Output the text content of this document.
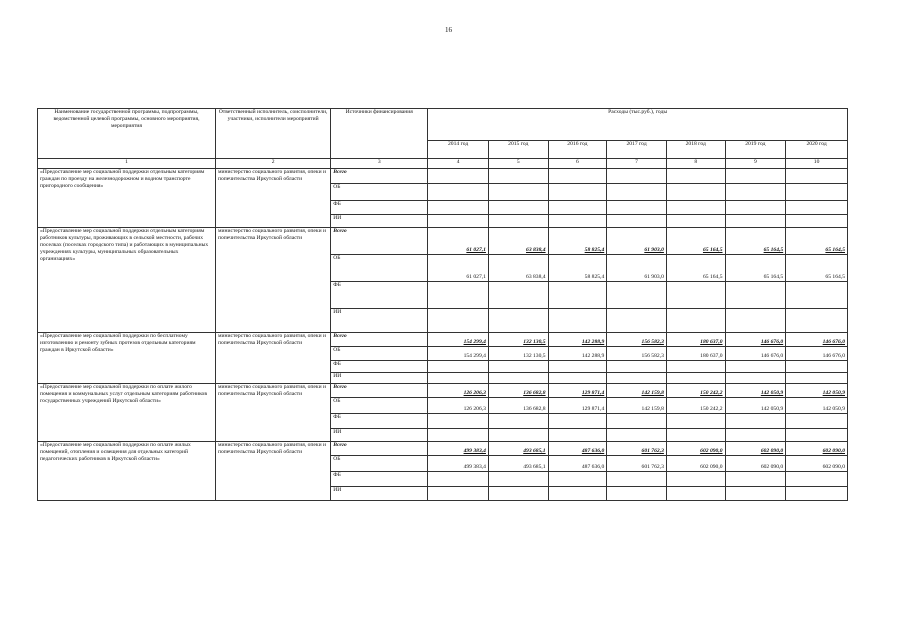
16
Наименование государственной программы, подпрограммы, ведомственной целевой программы, основного мероприятия, мероприятия	Ответственный исполнитель, соисполнители, участники, исполнители мероприятий	Источники финансирования	Расходы (тыс.руб.), годы						
			2014 год	2015 год	2016 год	2017 год	2018 год	2019 год	2020 год
1	2	3	4	5	6	7	8	9	10
«Предоставление мер социальной поддержки отдельным категориям граждан по проезду на железнодорожном и водном транспорте пригородного сообщения»	министерство социального развития, опеки и попечительства Иркутской области	Всего							
		ОБ							
		ФБ							
		ИИ							
«Предоставление мер социальной поддержки отдельным категориям работников культуры, проживающих в сельской местности, рабочих поселках (поселках городского типа) и работающих в муниципальных учреждениях культуры, муниципальных образовательных организациях»	министерство социального развития, опеки и попечительства Иркутской области	Всего	61 027,1	63 838,4	58 825,4	61 903,0	65 164,5	65 164,5	65 164,5
		ОБ	61 027,1	63 838,4	58 825,4	61 903,0	65 164,5	65 164,5	65 164,5
		ФБ							
		ИИ							
«Предоставление мер социальной поддержки по бесплатному изготовлению и ремонту зубных протезов отдельным категориям граждан в Иркутской области»	министерство социального развития, опеки и попечительства Иркутской области	Всего	154 299,4	132 130,5	142 288,9	156 582,3	180 637,0	146 676,0	146 676,0
		ОБ	154 299,4	132 130,5	142 288,9	156 582,3	180 637,0	146 676,0	146 676,0
		ФБ							
		ИИ							
«Предоставление мер социальной поддержки по оплате жилого помещения и коммунальных услуг отдельным категориям работников государственных учреждений Иркутской области»	министерство социального развития, опеки и попечительства Иркутской области	Всего	126 206,3	136 682,8	129 871,4	142 159,8	150 242,2	142 050,9	142 050,9
		ОБ	126 206,3	136 682,8	129 871,4	142 159,8	150 242,2	142 050,9	142 050,9
		ФБ							
		ИИ							
«Предоставление мер социальной поддержки по оплате жилых помещений, отопления и освещения для отдельных категорий педагогических работников в Иркутской области»	министерство социального развития, опеки и попечительства Иркутской области	Всего	499 383,4	493 685,1	487 636,0	601 762,3	602 090,0	602 090,0	602 090,0
		ОБ	499 383,4	493 685,1	487 636,0	601 762,3	602 090,0	602 090,0	602 090,0
		ФБ							
		ИИ							
